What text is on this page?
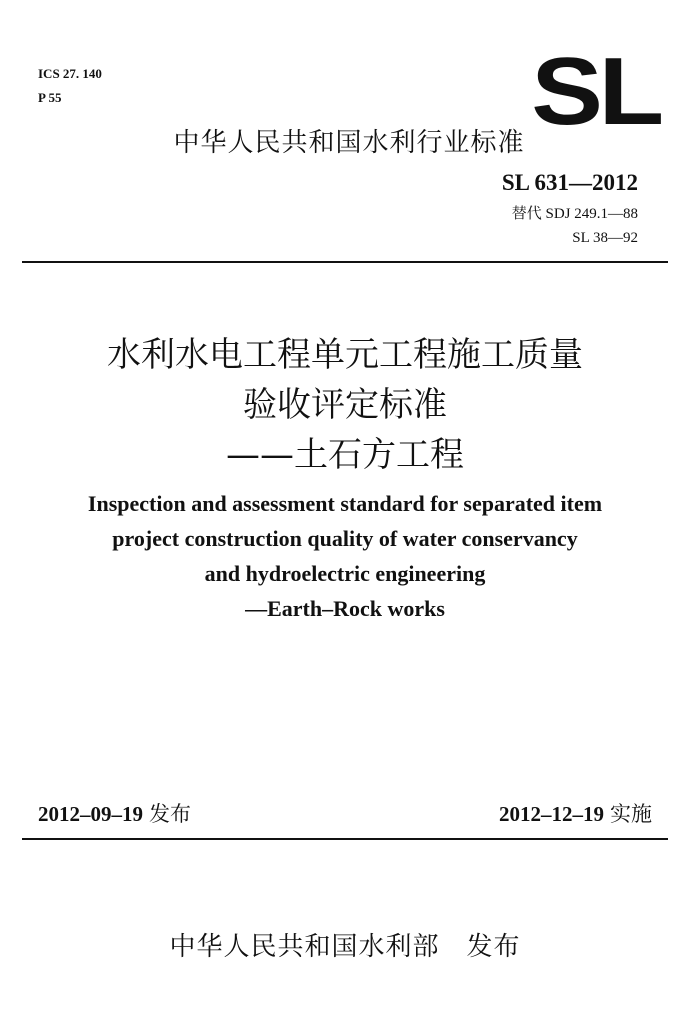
ICS 27. 140
P 55	SL
中华人民共和国水利行业标准
SL 631—2012
替代 SDJ 249.1—88
SL 38—92
水利水电工程单元工程施工质量
验收评定标准
——土石方工程
Inspection and assessment standard for separated item
project construction quality of water conservancy
and hydroelectric engineering
—Earth–Rock works
2012–09–19 发布	2012–12–19 实施
中华人民共和国水利部　发布
